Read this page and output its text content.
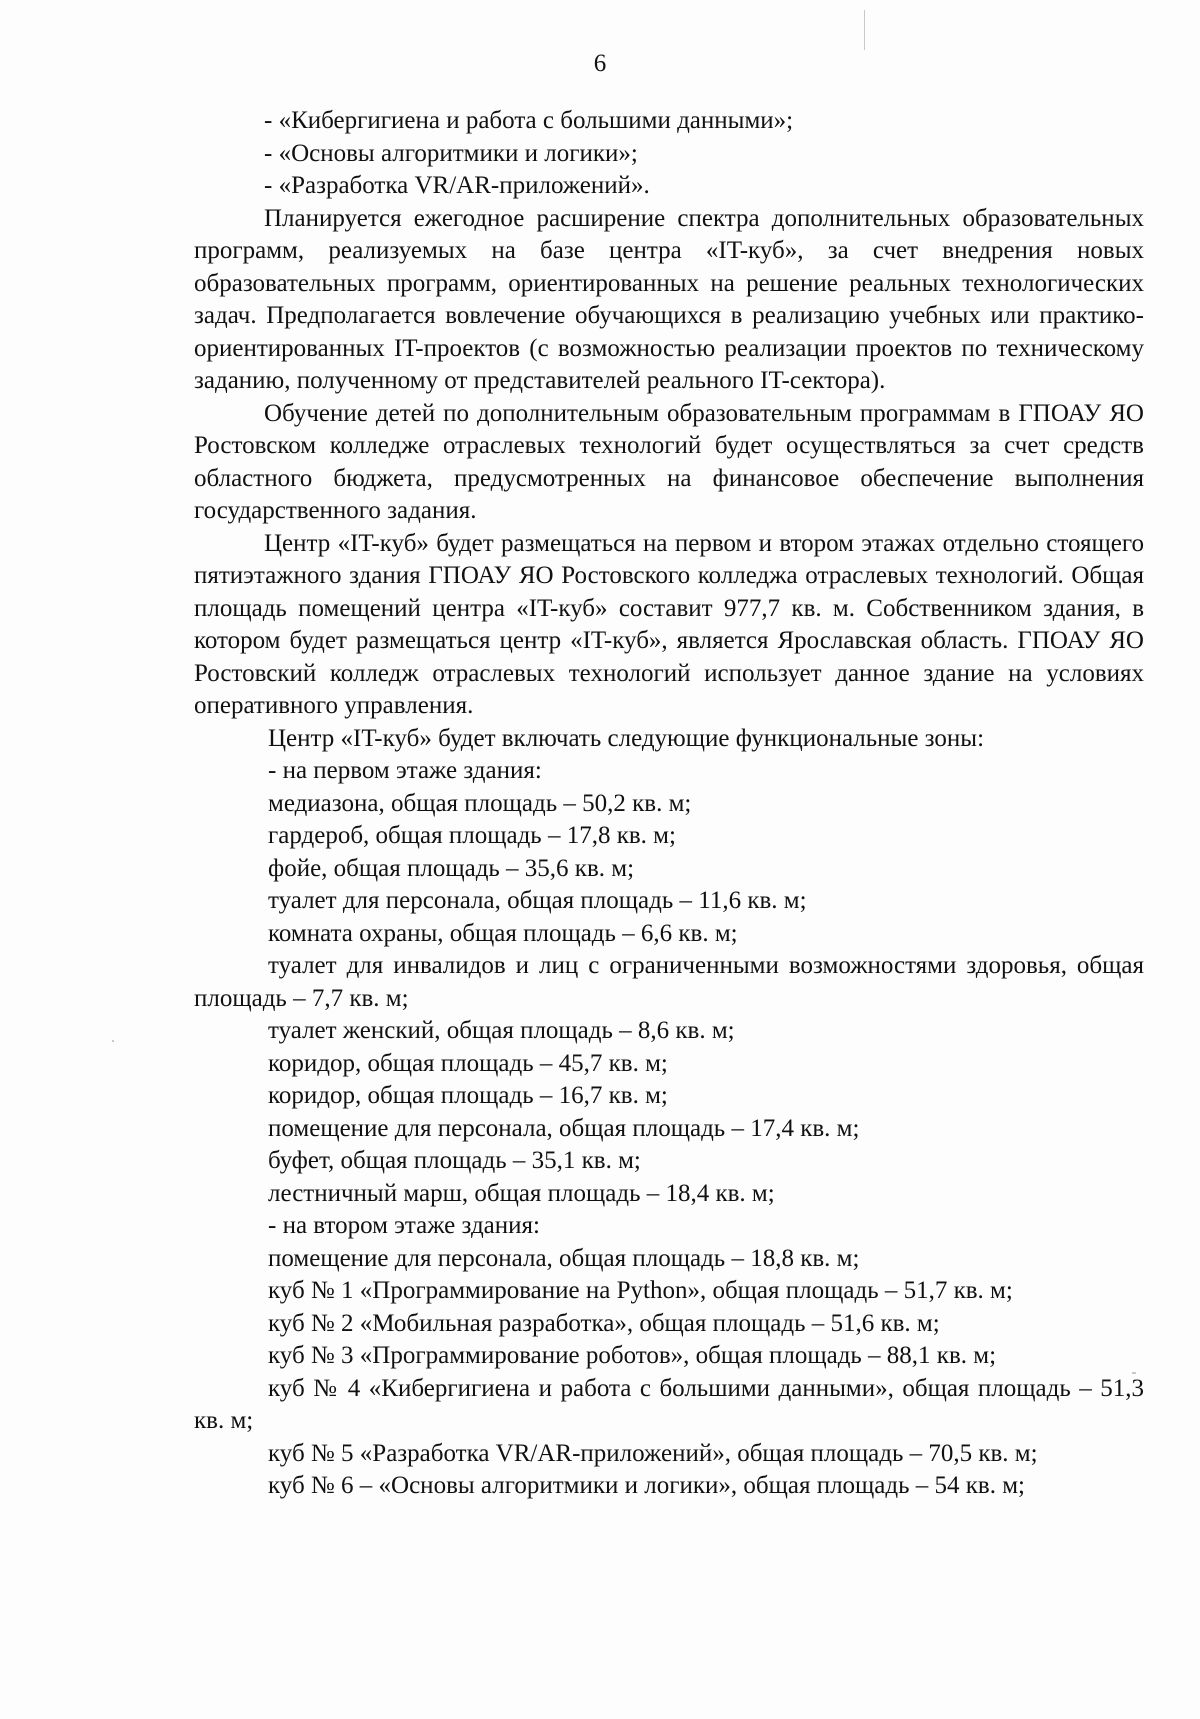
6

- «Кибергигиена и работа с большими данными»;

- «Основы алгоритмики и логики»;

- «Разработка VR/AR-приложений».

Планируется ежегодное расширение спектра дополнительных образовательных программ, реализуемых на базе центра «IT-куб», за счет внедрения новых образовательных программ, ориентированных на решение реальных технологических задач. Предполагается вовлечение обучающихся в реализацию учебных или практико-ориентированных IT-проектов (с возможностью реализации проектов по техническому заданию, полученному от представителей реального IT-сектора).

Обучение детей по дополнительным образовательным программам в ГПОАУ ЯО Ростовском колледже отраслевых технологий будет осуществляться за счет средств областного бюджета, предусмотренных на финансовое обеспечение выполнения государственного задания.

Центр «IT-куб» будет размещаться на первом и втором этажах отдельно стоящего пятиэтажного здания ГПОАУ ЯО Ростовского колледжа отраслевых технологий. Общая площадь помещений центра «IT-куб» составит 977,7 кв. м. Собственником здания, в котором будет размещаться центр «IT-куб», является Ярославская область. ГПОАУ ЯО Ростовский колледж отраслевых технологий использует данное здание на условиях оперативного управления.

Центр «IT-куб» будет включать следующие функциональные зоны:

- на первом этаже здания:

медиазона, общая площадь – 50,2 кв. м;

гардероб, общая площадь – 17,8 кв. м;

фойе, общая площадь – 35,6 кв. м;

туалет для персонала, общая площадь – 11,6 кв. м;

комната охраны, общая площадь – 6,6 кв. м;

туалет для инвалидов и лиц с ограниченными возможностями здоровья, общая площадь – 7,7 кв. м;

туалет женский, общая площадь – 8,6 кв. м;

коридор, общая площадь – 45,7 кв. м;

коридор, общая площадь – 16,7 кв. м;

помещение для персонала, общая площадь – 17,4 кв. м;

буфет, общая площадь – 35,1 кв. м;

лестничный марш, общая площадь – 18,4 кв. м;

- на втором этаже здания:

помещение для персонала, общая площадь – 18,8 кв. м;

куб № 1 «Программирование на Python», общая площадь – 51,7 кв. м;

куб № 2 «Мобильная разработка», общая площадь – 51,6 кв. м;

куб № 3 «Программирование роботов», общая площадь – 88,1 кв. м;

куб № 4 «Кибергигиена и работа с большими данными», общая площадь – 51,3 кв. м;

куб № 5 «Разработка VR/AR-приложений», общая площадь – 70,5 кв. м;

куб № 6 – «Основы алгоритмики и логики», общая площадь – 54 кв. м;
